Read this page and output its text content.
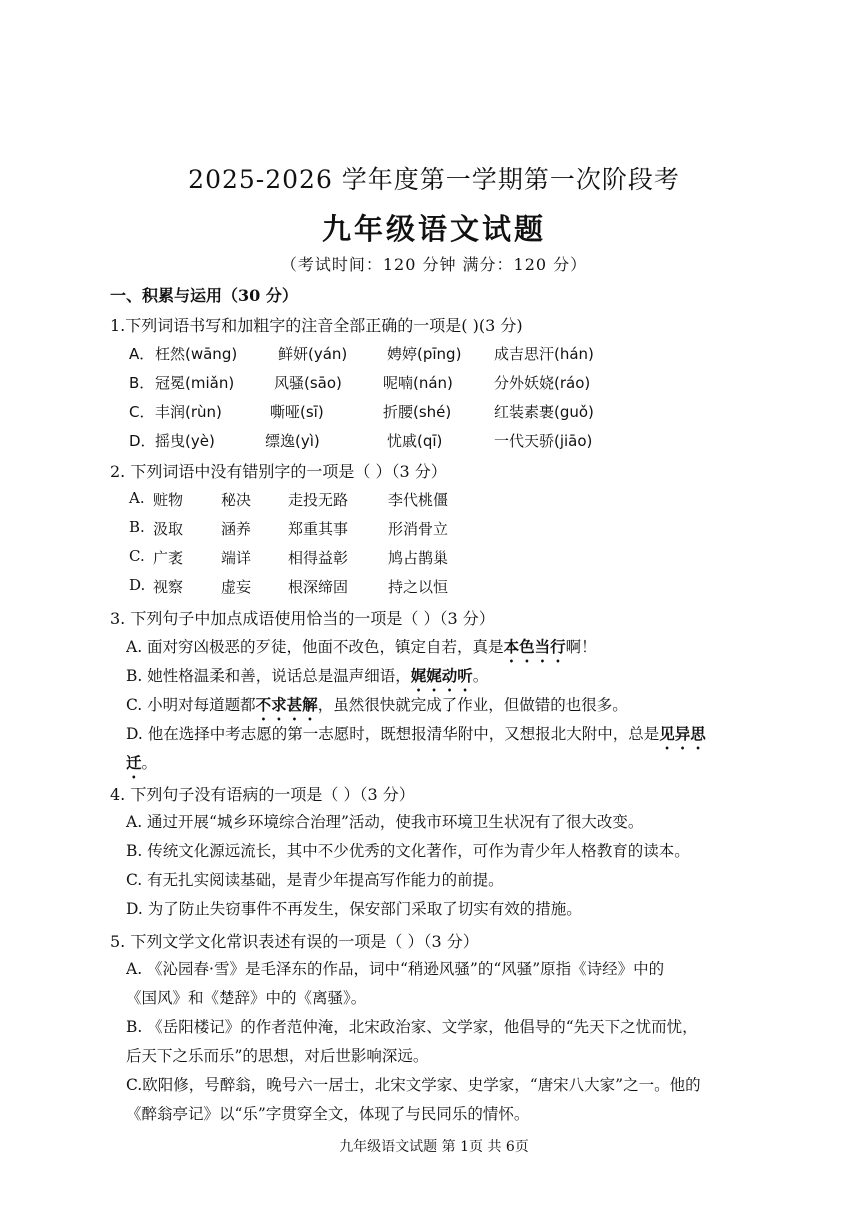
2025-2026 学年度第一学期第一次阶段考
九年级语文试题
（考试时间：120 分钟 满分：120 分）
一、积累与运用（30 分）
1.下列词语书写和加粗字的注音全部正确的一项是( )(3 分)
A． 枉然(wāng)	鲜妍(yán)	娉婷(pīng) 成吉思汗(hán)
B． 冠冕(miǎn)	风骚(sāo)	呢喃(nán)	分外妖娆(ráo)
C． 丰润(rùn)	嘶哑(sī)	折腰(shé)	红装素裹(guǒ)
D． 摇曳(yè)	缥逸(yì)	忧戚(qī)	一代天骄(jiāo)
2. 下列词语中没有错别字的一项是（ ）（3 分）
A. 赃物	秘决 走投无路	李代桃僵
B. 汲取	涵养 郑重其事	形消骨立
C. 广袤	端详 相得益彰	鸠占鹊巢
D. 视察	虚妄 根深缔固	持之以恒
3. 下列句子中加点成语使用恰当的一项是（ ）（3 分）
A. 面对穷凶极恶的歹徒，他面不改色，镇定自若，真是本色当行啊！
B. 她性格温柔和善，说话总是温声细语，娓娓动听。
C. 小明对每道题都不求甚解，虽然很快就完成了作业，但做错的也很多。
D. 他在选择中考志愿的第一志愿时，既想报清华附中，又想报北大附中，总是见异思
迁。
4. 下列句子没有语病的一项是（ ）（3 分）
A. 通过开展“城乡环境综合治理”活动，使我市环境卫生状况有了很大改变。
B. 传统文化源远流长，其中不少优秀的文化著作，可作为青少年人格教育的读本。
C. 有无扎实阅读基础，是青少年提高写作能力的前提。
D. 为了防止失窃事件不再发生，保安部门采取了切实有效的措施。
5. 下列文学文化常识表述有误的一项是（ ）（3 分）
A. 《沁园春·雪》是毛泽东的作品，词中“稍逊风骚”的“风骚”原指《诗经》中的
《国风》和《楚辞》中的《离骚》。
B. 《岳阳楼记》的作者范仲淹，北宋政治家、文学家，他倡导的“先天下之忧而忧，
后天下之乐而乐”的思想，对后世影响深远。
C.欧阳修，号醉翁，晚号六一居士，北宋文学家、史学家，“唐宋八大家”之一。他的
《醉翁亭记》以“乐”字贯穿全文，体现了与民同乐的情怀。
九年级语文试题 第 1页 共 6页
